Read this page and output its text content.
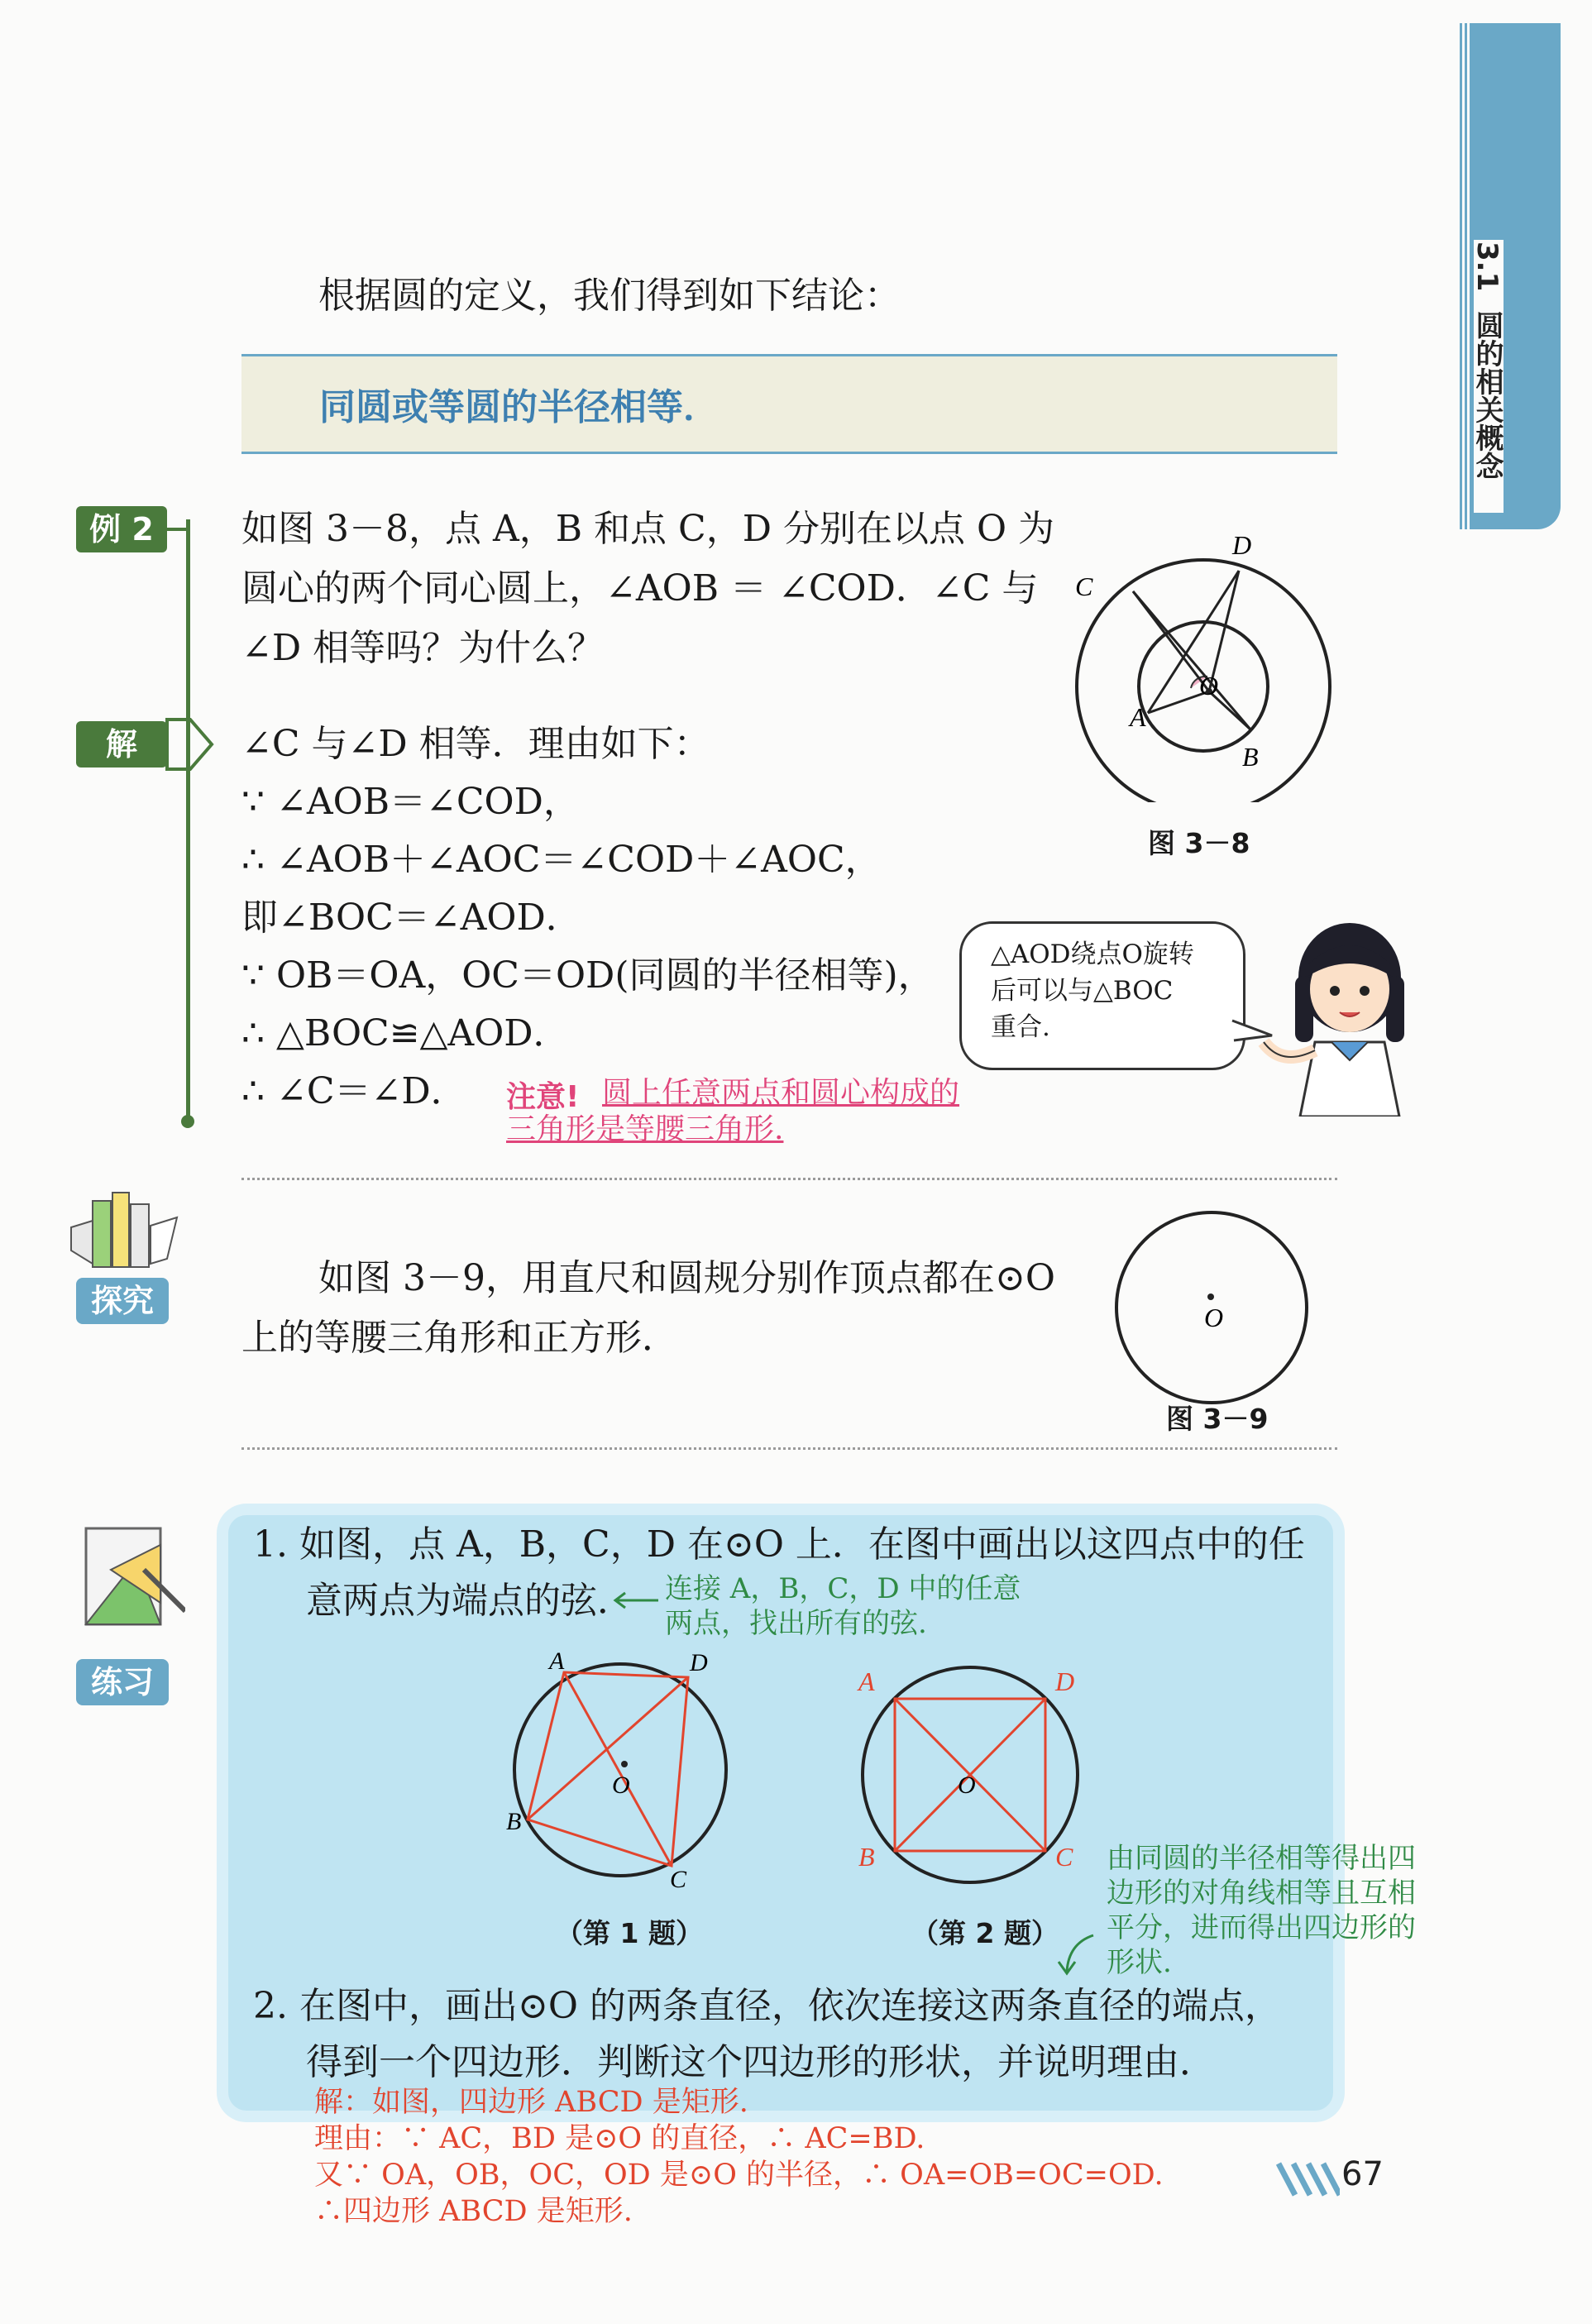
3.1  圆的相关概念
根据圆的定义，我们得到如下结论：
同圆或等圆的半径相等．
例 2	如图 3－8，点 A，B 和点 C，D 分别在以点 O 为
圆心的两个同心圆上，∠AOB ＝ ∠COD．∠C 与
∠D 相等吗？为什么？
C
D
A
B
O
图 3－8
解	∠C 与∠D 相等．理由如下：
∵ ∠AOB＝∠COD，
∴ ∠AOB＋∠AOC＝∠COD＋∠AOC，
即∠BOC＝∠AOD．
∵ OB＝OA，OC＝OD(同圆的半径相等)，
∴ △BOC≌△AOD．
∴ ∠C＝∠D．
△AOD绕点O旋转
后可以与△BOC
重合.
注意! 圆上任意两点和圆心构成的
三角形是等腰三角形.
探究
如图 3－9，用直尺和圆规分别作顶点都在⊙O
上的等腰三角形和正方形．	O
图 3－9
练习
1. 如图，点 A，B，C，D 在⊙O 上．在图中画出以这四点中的任
意两点为端点的弦． 连接 A，B，C，D 中的任意
两点，找出所有的弦.
A	D
B
C
O
（第 1 题）
A	D
B	C
O
（第 2 题）
由同圆的半径相等得出四
边形的对角线相等且互相
平分，进而得出四边形的
形状.
2. 在图中，画出⊙O 的两条直径，依次连接这两条直径的端点，
得到一个四边形．判断这个四边形的形状，并说明理由．
解：如图，四边形 ABCD 是矩形.
理由：∵ AC，BD 是⊙O 的直径，∴ AC=BD.
又∵ OA，OB，OC，OD 是⊙O 的半径，∴ OA=OB=OC=OD.
∴四边形 ABCD 是矩形.
67
